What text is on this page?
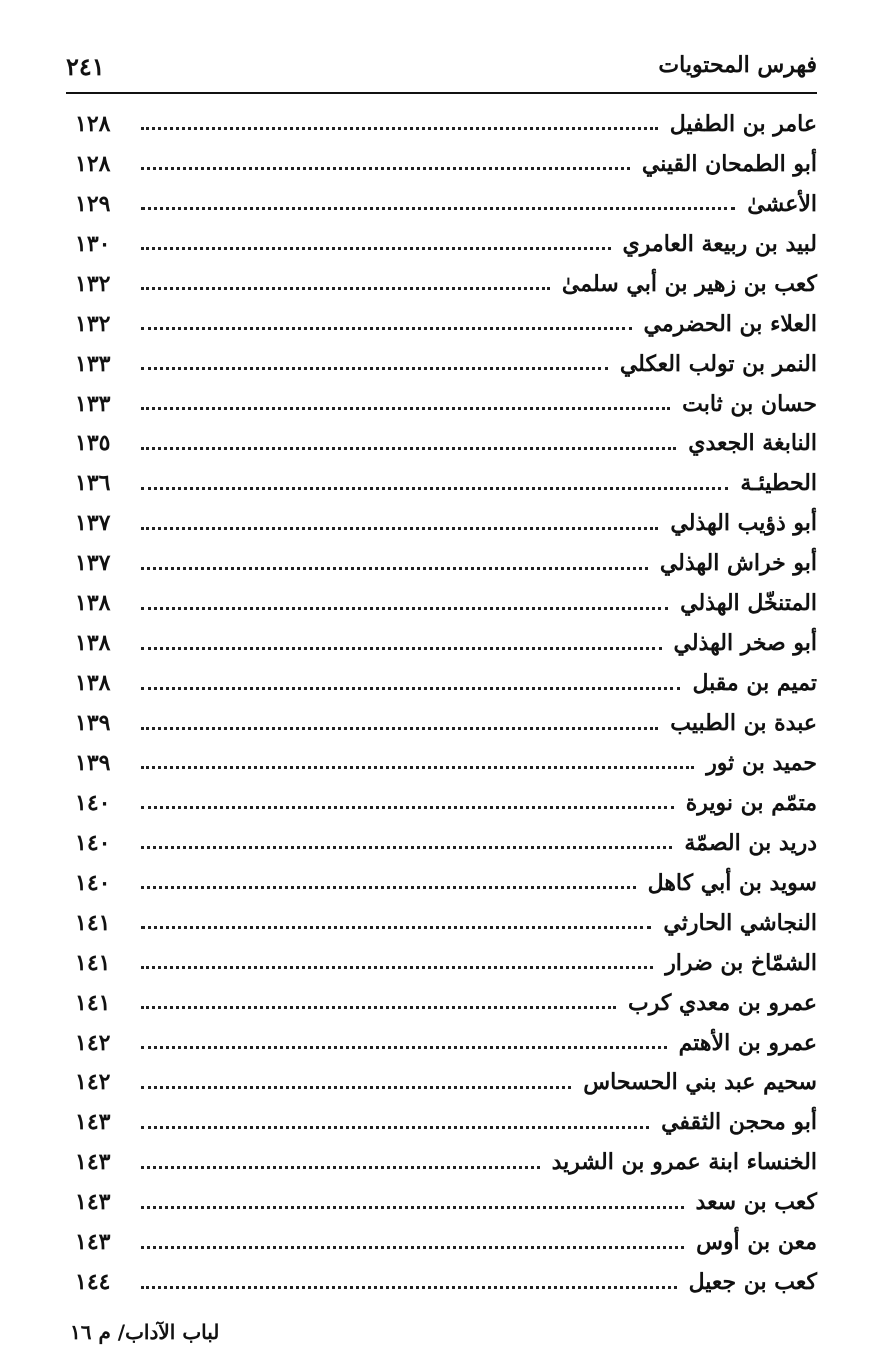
فهرس المحتويات
٢٤١
عامر بن الطفيل
١٢٨
أبو الطمحان القيني
١٢٨
الأعشىٰ
١٢٩
لبيد بن ربيعة العامري
١٣٠
كعب بن زهير بن أبي سلمىٰ
١٣٢
العلاء بن الحضرمي
١٣٢
النمر بن تولب العكلي
١٣٣
حسان بن ثابت
١٣٣
النابغة الجعدي
١٣٥
الحطيئـة
١٣٦
أبو ذؤيب الهذلي
١٣٧
أبو خراش الهذلي
١٣٧
المتنخّل الهذلي
١٣٨
أبو صخر الهذلي
١٣٨
تميم بن مقبل
١٣٨
عبدة بن الطبيب
١٣٩
حميد بن ثور
١٣٩
متمّم بن نويرة
١٤٠
دريد بن الصمّة
١٤٠
سويد بن أبي كاهل
١٤٠
النجاشي الحارثي
١٤١
الشمّاخ بن ضرار
١٤١
عمرو بن معدي كرب
١٤١
عمرو بن الأهتم
١٤٢
سحيم عبد بني الحسحاس
١٤٢
أبو محجن الثقفي
١٤٣
الخنساء ابنة عمرو بن الشريد
١٤٣
كعب بن سعد
١٤٣
معن بن أوس
١٤٣
كعب بن جعيل
١٤٤
لباب الآداب/ م ١٦
